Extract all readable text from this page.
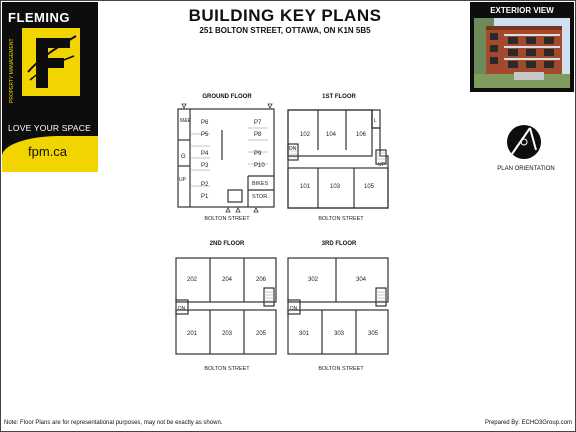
FLEMING
PROPERTY MANAGEMENT
LOVE YOUR SPACE
fpm.ca
BUILDING KEY PLANS
251 BOLTON STREET, OTTAWA, ON K1N 5B5
EXTERIOR VIEW
GROUND FLOOR
M&E P6	P7
P5	P8
P4	P9
G
P3	P10
UP
P2	BIKES
P1	STOR.
BOLTON STREET
1ST FLOOR
102	104	106
101	103	105
L
DN
UP
BOLTON STREET
2ND FLOOR
202	204	206
201	203	205
DN
BOLTON STREET
3RD FLOOR
302	304
301	303	305
DN
BOLTON STREET
PLAN ORIENTATION
Note: Floor Plans are for representational purposes, may not be exactly as shown.	Prepared By: ECHO3Group.com
